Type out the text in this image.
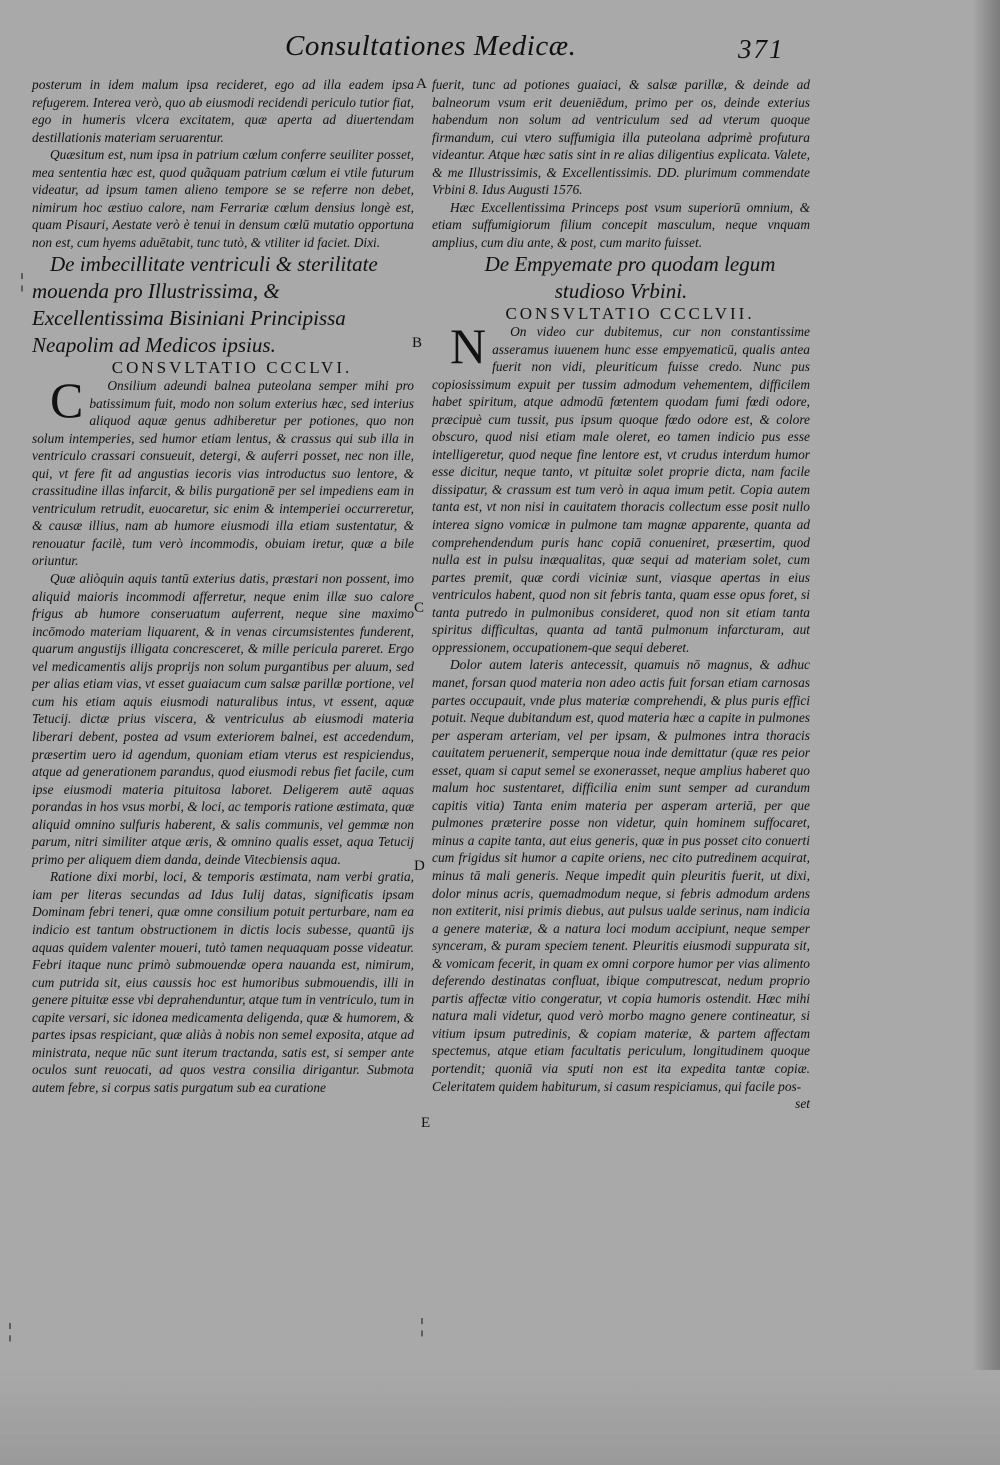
Consultationes Medicæ.	371
A
B
C
D
E
¦
¦	¦

posterum in idem malum ipsa recideret, ego ad illa eadem ipsa refugerem. Interea verò, quo ab eiusmodi recidendi periculo tutior fiat, ego in humeris vlcera excitatem, quæ aperta ad diuertendam destillationis materiam seruarentur.

Quæsitum est, num ipsa in patrium cœlum conferre seuiliter posset, mea sententia hæc est, quod quãquam patrium cœlum ei vtile futurum videatur, ad ipsum tamen alieno tempore se se referre non debet, nimirum hoc æstiuo calore, nam Ferrariæ cœlum densius longè est, quam Pisauri, Aestate verò è tenui in densum cœlū mutatio opportuna non est, cum hyems aduētabit, tunc tutò, & vtiliter id faciet. Dixi.

De imbecillitate ventriculi & sterilitate mouenda pro Illustrissima, & Excellentissima Bisiniani Principissa Neapolim ad Medicos ipsius.

CONSVLTATIO CCCLVI.

C Onsilium adeundi balnea puteolana semper mihi pro batissimum fuit, modo non solum exterius hæc, sed interius aliquod aquæ genus adhiberetur per potiones, quo non solum intemperies, sed humor etiam lentus, & crassus qui sub illa in ventriculo crassari consueuit, detergi, & auferri posset, nec non ille, qui, vt fere fit ad angustias iecoris vias introductus suo lentore, & crassitudine illas infarcit, & bilis purgationē per sel impediens eam in ventriculum retrudit, euocaretur, sic enim & intemperiei occurreretur, & causæ illius, nam ab humore eiusmodi illa etiam sustentatur, & renouatur facilè, tum verò incommodis, obuiam iretur, quæ a bile oriuntur.

Quæ aliòquin aquis tantū exterius datis, præstari non possent, imo aliquid maioris incommodi afferretur, neque enim illæ suo calore frigus ab humore conseruatum auferrent, neque sine maximo incōmodo materiam liquarent, & in venas circumsistentes funderent, quarum angustijs illigata concresceret, & mille pericula pareret. Ergo vel medicamentis alijs proprijs non solum purgantibus per aluum, sed per alias etiam vias, vt esset guaiacum cum salsæ parillæ portione, vel cum his etiam aquis eiusmodi naturalibus intus, vt essent, aquæ Tetucij. dictæ prius viscera, & ventriculus ab eiusmodi materia liberari debent, postea ad vsum exteriorem balnei, est accedendum, præsertim uero id agendum, quoniam etiam vterus est respiciendus, atque ad generationem parandus, quod eiusmodi rebus fiet facile, cum ipse eiusmodi materia pituitosa laboret. Deligerem autē aquas porandas in hos vsus morbi, & loci, ac temporis ratione æstimata, quæ aliquid omnino sulfuris haberent, & salis communis, vel gemmæ non parum, nitri similiter atque æris, & omnino qualis esset, aqua Tetucij primo per aliquem diem danda, deinde Vitecbiensis aqua.

Ratione dixi morbi, loci, & temporis æstimata, nam verbi gratia, iam per literas secundas ad Idus Iulij datas, significatis ipsam Dominam febri teneri, quæ omne consilium potuit perturbare, nam ea indicio est tantum obstructionem in dictis locis subesse, quantū ijs aquas quidem valenter moueri, tutò tamen nequaquam posse videatur. Febri itaque nunc primò submouendæ opera nauanda est, nimirum, cum putrida sit, eius caussis hoc est humoribus submouendis, illi in genere pituitæ esse vbi deprahenduntur, atque tum in ventriculo, tum in capite versari, sic idonea medicamenta deligenda, quæ & humorem, & partes ipsas respiciant, quæ aliàs à nobis non semel exposita, atque ad ministrata, neque nūc sunt iterum tractanda, satis est, si semper ante oculos sunt reuocati, ad quos vestra consilia dirigantur. Submota autem febre, si corpus satis purgatum sub ea curatione

fuerit, tunc ad potiones guaiaci, & salsæ parillæ, & deinde ad balneorum vsum erit deueniēdum, primo per os, deinde exterius habendum non solum ad ventriculum sed ad vterum quoque firmandum, cui vtero suffumigia illa puteolana adprimè profutura videantur. Atque hæc satis sint in re alias diligentius explicata. Valete, & me Illustrissimis, & Excellentissimis. DD. plurimum commendate Vrbini 8. Idus Augusti 1576.

Hæc Excellentissima Princeps post vsum superiorū omnium, & etiam suffumigiorum filium concepit masculum, neque vnquam amplius, cum diu ante, & post, cum marito fuisset.

De Empyemate pro quodam legum studioso Vrbini.

CONSVLTATIO CCCLVII.

N On video cur dubitemus, cur non constantissime asseramus iuuenem hunc esse empyematicū, qualis antea fuerit non vidi, pleuriticum fuisse credo. Nunc pus copiosissimum expuit per tussim admodum vehementem, difficilem habet spiritum, atque admodū fœtentem quodam fumi fœdi odore, præcipuè cum tussit, pus ipsum quoque fœdo odore est, & colore obscuro, quod nisi etiam male oleret, eo tamen indicio pus esse intelligeretur, quod neque fine lentore est, vt crudus interdum humor esse dicitur, neque tanto, vt pituitæ solet proprie dicta, nam facile dissipatur, & crassum est tum verò in aqua imum petit. Copia autem tanta est, vt non nisi in cauitatem thoracis collectum esse posit nullo interea signo vomicæ in pulmone tam magnæ apparente, quanta ad comprehendendum puris hanc copiā conueniret, præsertim, quod nulla est in pulsu inæqualitas, quæ sequi ad materiam solet, cum partes premit, quæ cordi viciniæ sunt, viasque apertas in eius ventriculos habent, quod non sit febris tanta, quam esse opus foret, si tanta putredo in pulmonibus consideret, quod non sit etiam tanta spiritus difficultas, quanta ad tantā pulmonum infarcturam, aut oppressionem, occupationem-que sequi deberet.

Dolor autem lateris antecessit, quamuis nō magnus, & adhuc manet, forsan quod materia non adeo actis fuit forsan etiam carnosas partes occupauit, vnde plus materiæ comprehendi, & plus puris effici potuit. Neque dubitandum est, quod materia hæc a capite in pulmones per asperam arteriam, vel per ipsam, & pulmones intra thoracis cauitatem peruenerit, semperque noua inde demittatur (quæ res peior esset, quam si caput semel se exonerasset, neque amplius haberet quo malum hoc sustentaret, difficilia enim sunt semper ad curandum capitis vitia) Tanta enim materia per asperam arteriā, per que pulmones præterire posse non videtur, quin hominem suffocaret, minus a capite tanta, aut eius generis, quæ in pus posset cito conuerti cum frigidus sit humor a capite oriens, nec cito putredinem acquirat, minus tā mali generis. Neque impedit quin pleuritis fuerit, ut dixi, dolor minus acris, quemadmodum neque, si febris admodum ardens non extiterit, nisi primis diebus, aut pulsus ualde serinus, nam indicia a genere materiæ, & a natura loci modum accipiunt, neque semper synceram, & puram speciem tenent. Pleuritis eiusmodi suppurata sit, & vomicam fecerit, in quam ex omni corpore humor per vias alimento deferendo destinatas confluat, ibique computrescat, nedum proprio partis affectæ vitio congeratur, vt copia humoris ostendit. Hæc mihi natura mali videtur, quod verò morbo magno genere contineatur, si vitium ipsum putredinis, & copiam materiæ, & partem affectam spectemus, atque etiam facultatis periculum, longitudinem quoque portendit; quoniā via sputi non est ita expedita tantæ copiæ. Celeritatem quidem habiturum, si casum respiciamus, qui facile pos-

set
